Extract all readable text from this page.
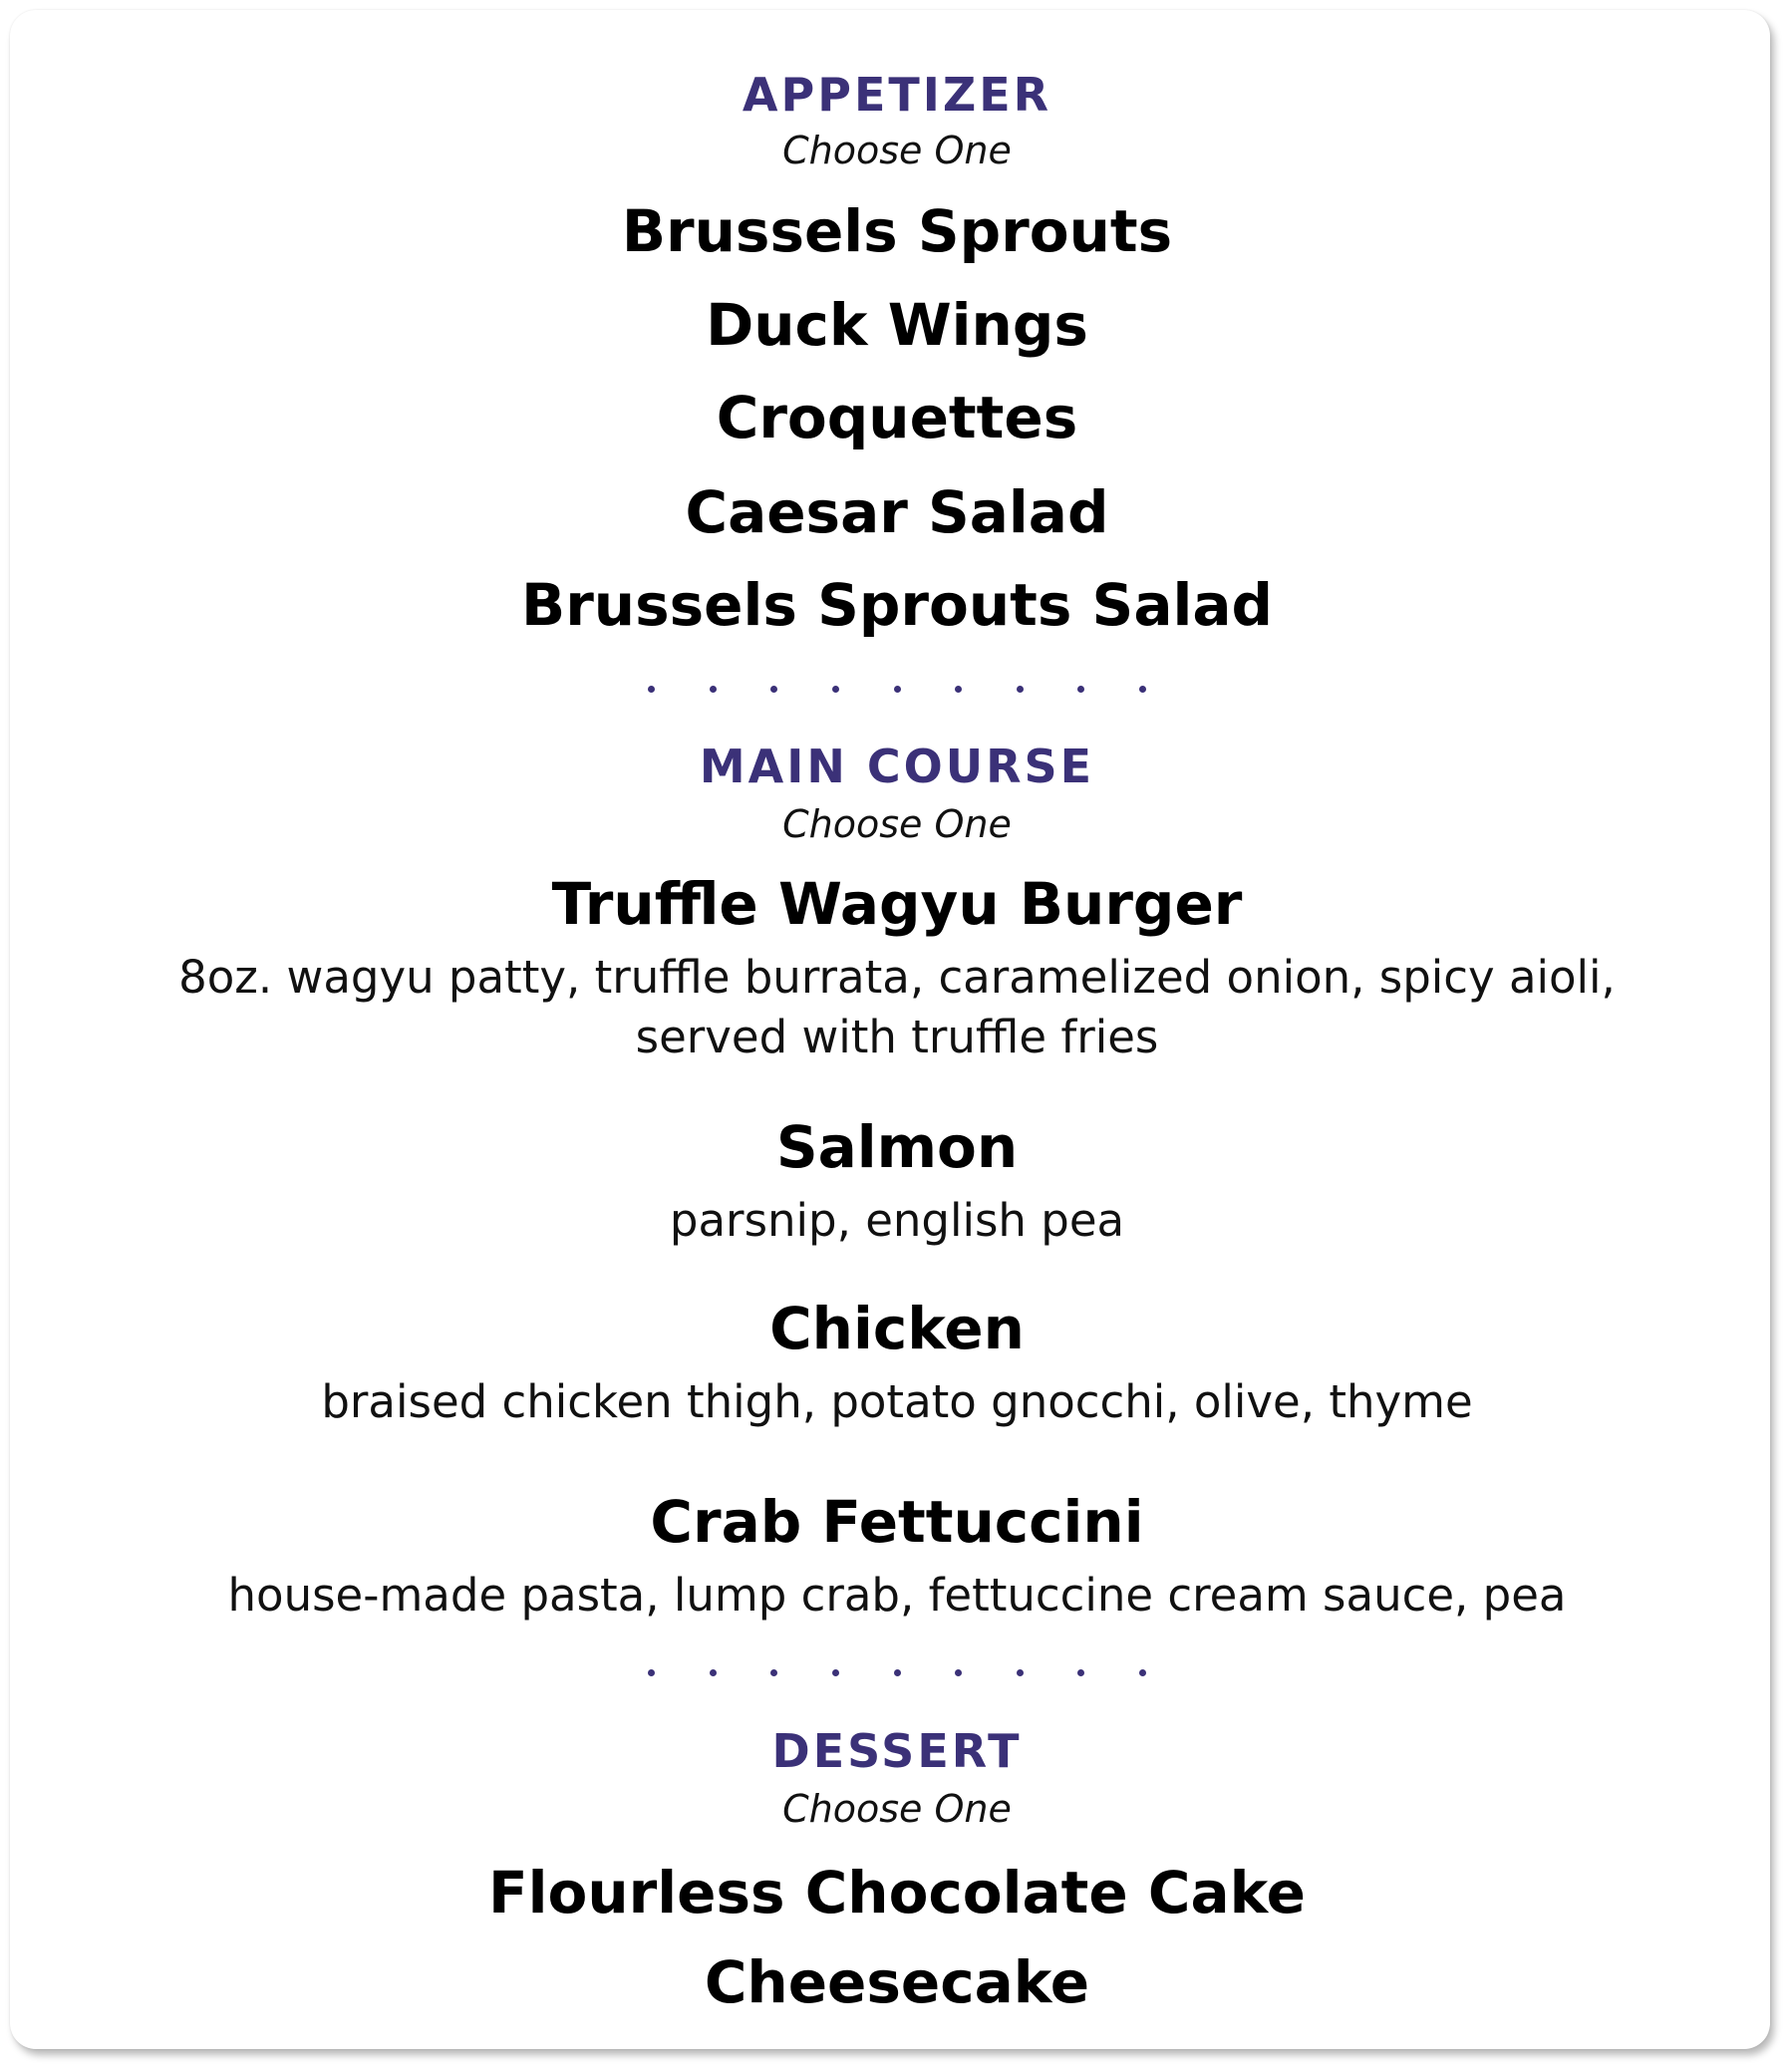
APPETIZER
Choose One
Brussels Sprouts
Duck Wings
Croquettes
Caesar Salad
Brussels Sprouts Salad
MAIN COURSE
Choose One
Truffle Wagyu Burger
8oz. wagyu patty, truffle burrata, caramelized onion, spicy aioli,
served with truffle fries
Salmon
parsnip, english pea
Chicken
braised chicken thigh, potato gnocchi, olive, thyme
Crab Fettuccini
house-made pasta, lump crab, fettuccine cream sauce, pea
DESSERT
Choose One
Flourless Chocolate Cake
Cheesecake
